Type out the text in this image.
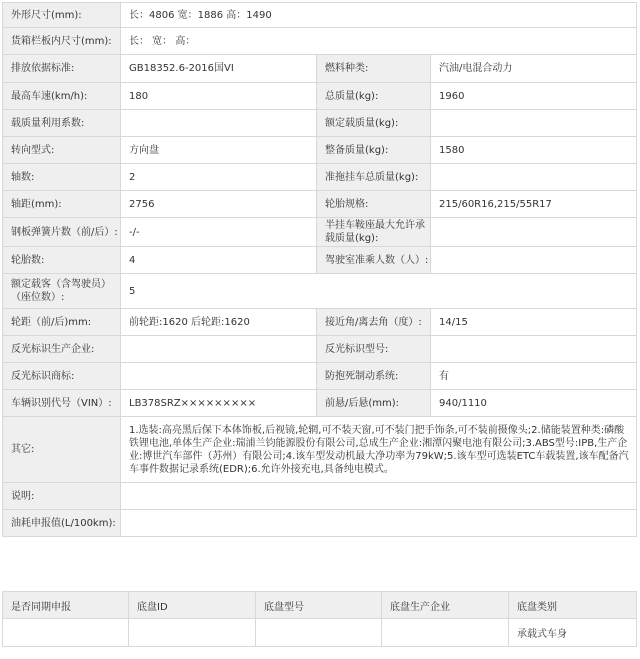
外形尺寸(mm):	长：4806 宽：1886 高：1490		
货箱栏板内尺寸(mm):	长： 宽： 高：		
排放依据标准:	GB18352.6-2016国VI	燃料种类:	汽油/电混合动力
最高车速(km/h):	180	总质量(kg):	1960
载质量利用系数:		额定载质量(kg):	
转向型式:	方向盘	整备质量(kg):	1580
轴数:	2	准拖挂车总质量(kg):	
轴距(mm):	2756	轮胎规格:	215/60R16,215/55R17
钢板弹簧片数（前/后）:	-/-	半挂车鞍座最大允许承载质量(kg):	
轮胎数:	4	驾驶室准乘人数（人）:	
额定载客（含驾驶员）（座位数）:	5		
轮距（前/后)mm:	前轮距:1620 后轮距:1620	接近角/离去角（度）:	14/15
反光标识生产企业:		反光标识型号:	
反光标识商标:		防抱死制动系统:	有
车辆识别代号（VIN）:	LB378SRZ×××××××××	前悬/后悬(mm):	940/1110
其它:	1.选装:高亮黑后保下本体饰板,后视镜,轮辋,可不装天窗,可不装门把手饰条,可不装前摄像头;2.储能装置种类:磷酸铁锂电池,单体生产企业:瑞浦兰钧能源股份有限公司,总成生产企业:湘潭闪聚电池有限公司;3.ABS型号:IPB,生产企业:博世汽车部件（苏州）有限公司;4.该车型发动机最大净功率为79kW;5.该车型可选装ETC车载装置,该车配备汽车事件数据记录系统(EDR);6.允许外接充电,具备纯电模式。		
说明:			
油耗申报值(L/100km):			
是否同期申报	底盘ID	底盘型号	底盘生产企业	底盘类别
				承载式车身
